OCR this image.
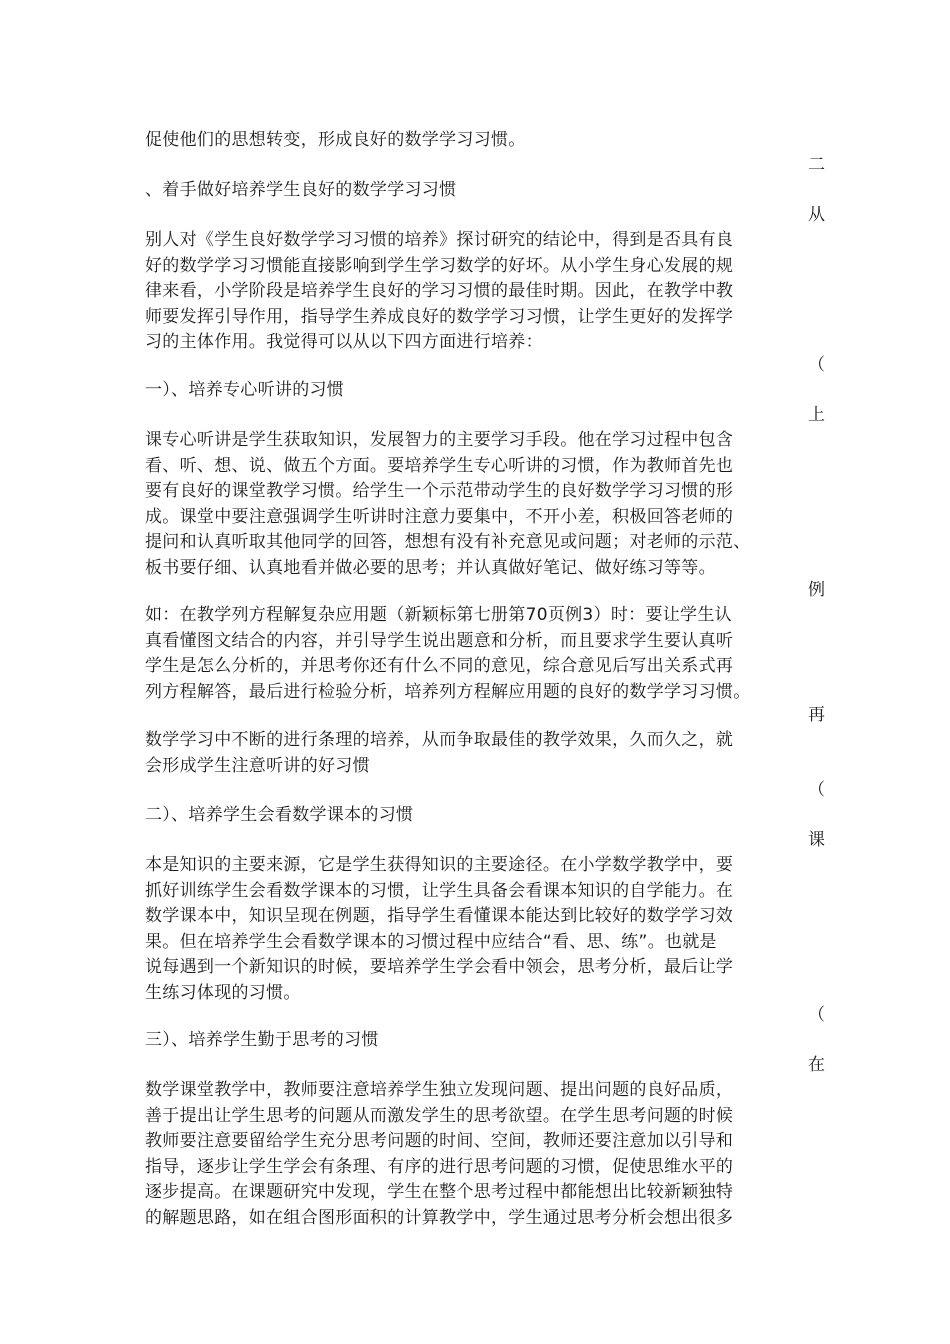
促使他们的思想转变，形成良好的数学学习习惯。
二
、着手做好培养学生良好的数学学习习惯
从
别人对《学生良好数学学习习惯的培养》探讨研究的结论中，得到是否具有良
好的数学学习习惯能直接影响到学生学习数学的好坏。从小学生身心发展的规
律来看，小学阶段是培养学生良好的学习习惯的最佳时期。因此，在教学中教
师要发挥引导作用，指导学生养成良好的数学学习习惯，让学生更好的发挥学
习的主体作用。我觉得可以从以下四方面进行培养：
（
一）、培养专心听讲的习惯
上
课专心听讲是学生获取知识，发展智力的主要学习手段。他在学习过程中包含
看、听、想、说、做五个方面。要培养学生专心听讲的习惯，作为教师首先也
要有良好的课堂教学习惯。给学生一个示范带动学生的良好数学学习习惯的形
成。课堂中要注意强调学生听讲时注意力要集中，不开小差，积极回答老师的
提问和认真听取其他同学的回答，想想有没有补充意见或问题；对老师的示范、
板书要仔细、认真地看并做必要的思考；并认真做好笔记、做好练习等等。
例
如：在教学列方程解复杂应用题（新颖标第七册第70页例3）时：要让学生认
真看懂图文结合的内容，并引导学生说出题意和分析，而且要求学生要认真听
学生是怎么分析的，并思考你还有什么不同的意见，综合意见后写出关系式再
列方程解答，最后进行检验分析，培养列方程解应用题的良好的数学学习习惯。
再
数学学习中不断的进行条理的培养，从而争取最佳的教学效果，久而久之，就
会形成学生注意听讲的好习惯
（
二）、培养学生会看数学课本的习惯
课
本是知识的主要来源，它是学生获得知识的主要途径。在小学数学教学中，要
抓好训练学生会看数学课本的习惯，让学生具备会看课本知识的自学能力。在
数学课本中，知识呈现在例题，指导学生看懂课本能达到比较好的数学学习效
果。但在培养学生会看数学课本的习惯过程中应结合“看、思、练”。也就是
说每遇到一个新知识的时候，要培养学生学会看中领会，思考分析，最后让学
生练习体现的习惯。
（
三）、培养学生勤于思考的习惯
在
数学课堂教学中，教师要注意培养学生独立发现问题、提出问题的良好品质，
善于提出让学生思考的问题从而激发学生的思考欲望。在学生思考问题的时候
教师要注意要留给学生充分思考问题的时间、空间，教师还要注意加以引导和
指导，逐步让学生学会有条理、有序的进行思考问题的习惯，促使思维水平的
逐步提高。在课题研究中发现，学生在整个思考过程中都能想出比较新颖独特
的解题思路，如在组合图形面积的计算教学中，学生通过思考分析会想出很多
